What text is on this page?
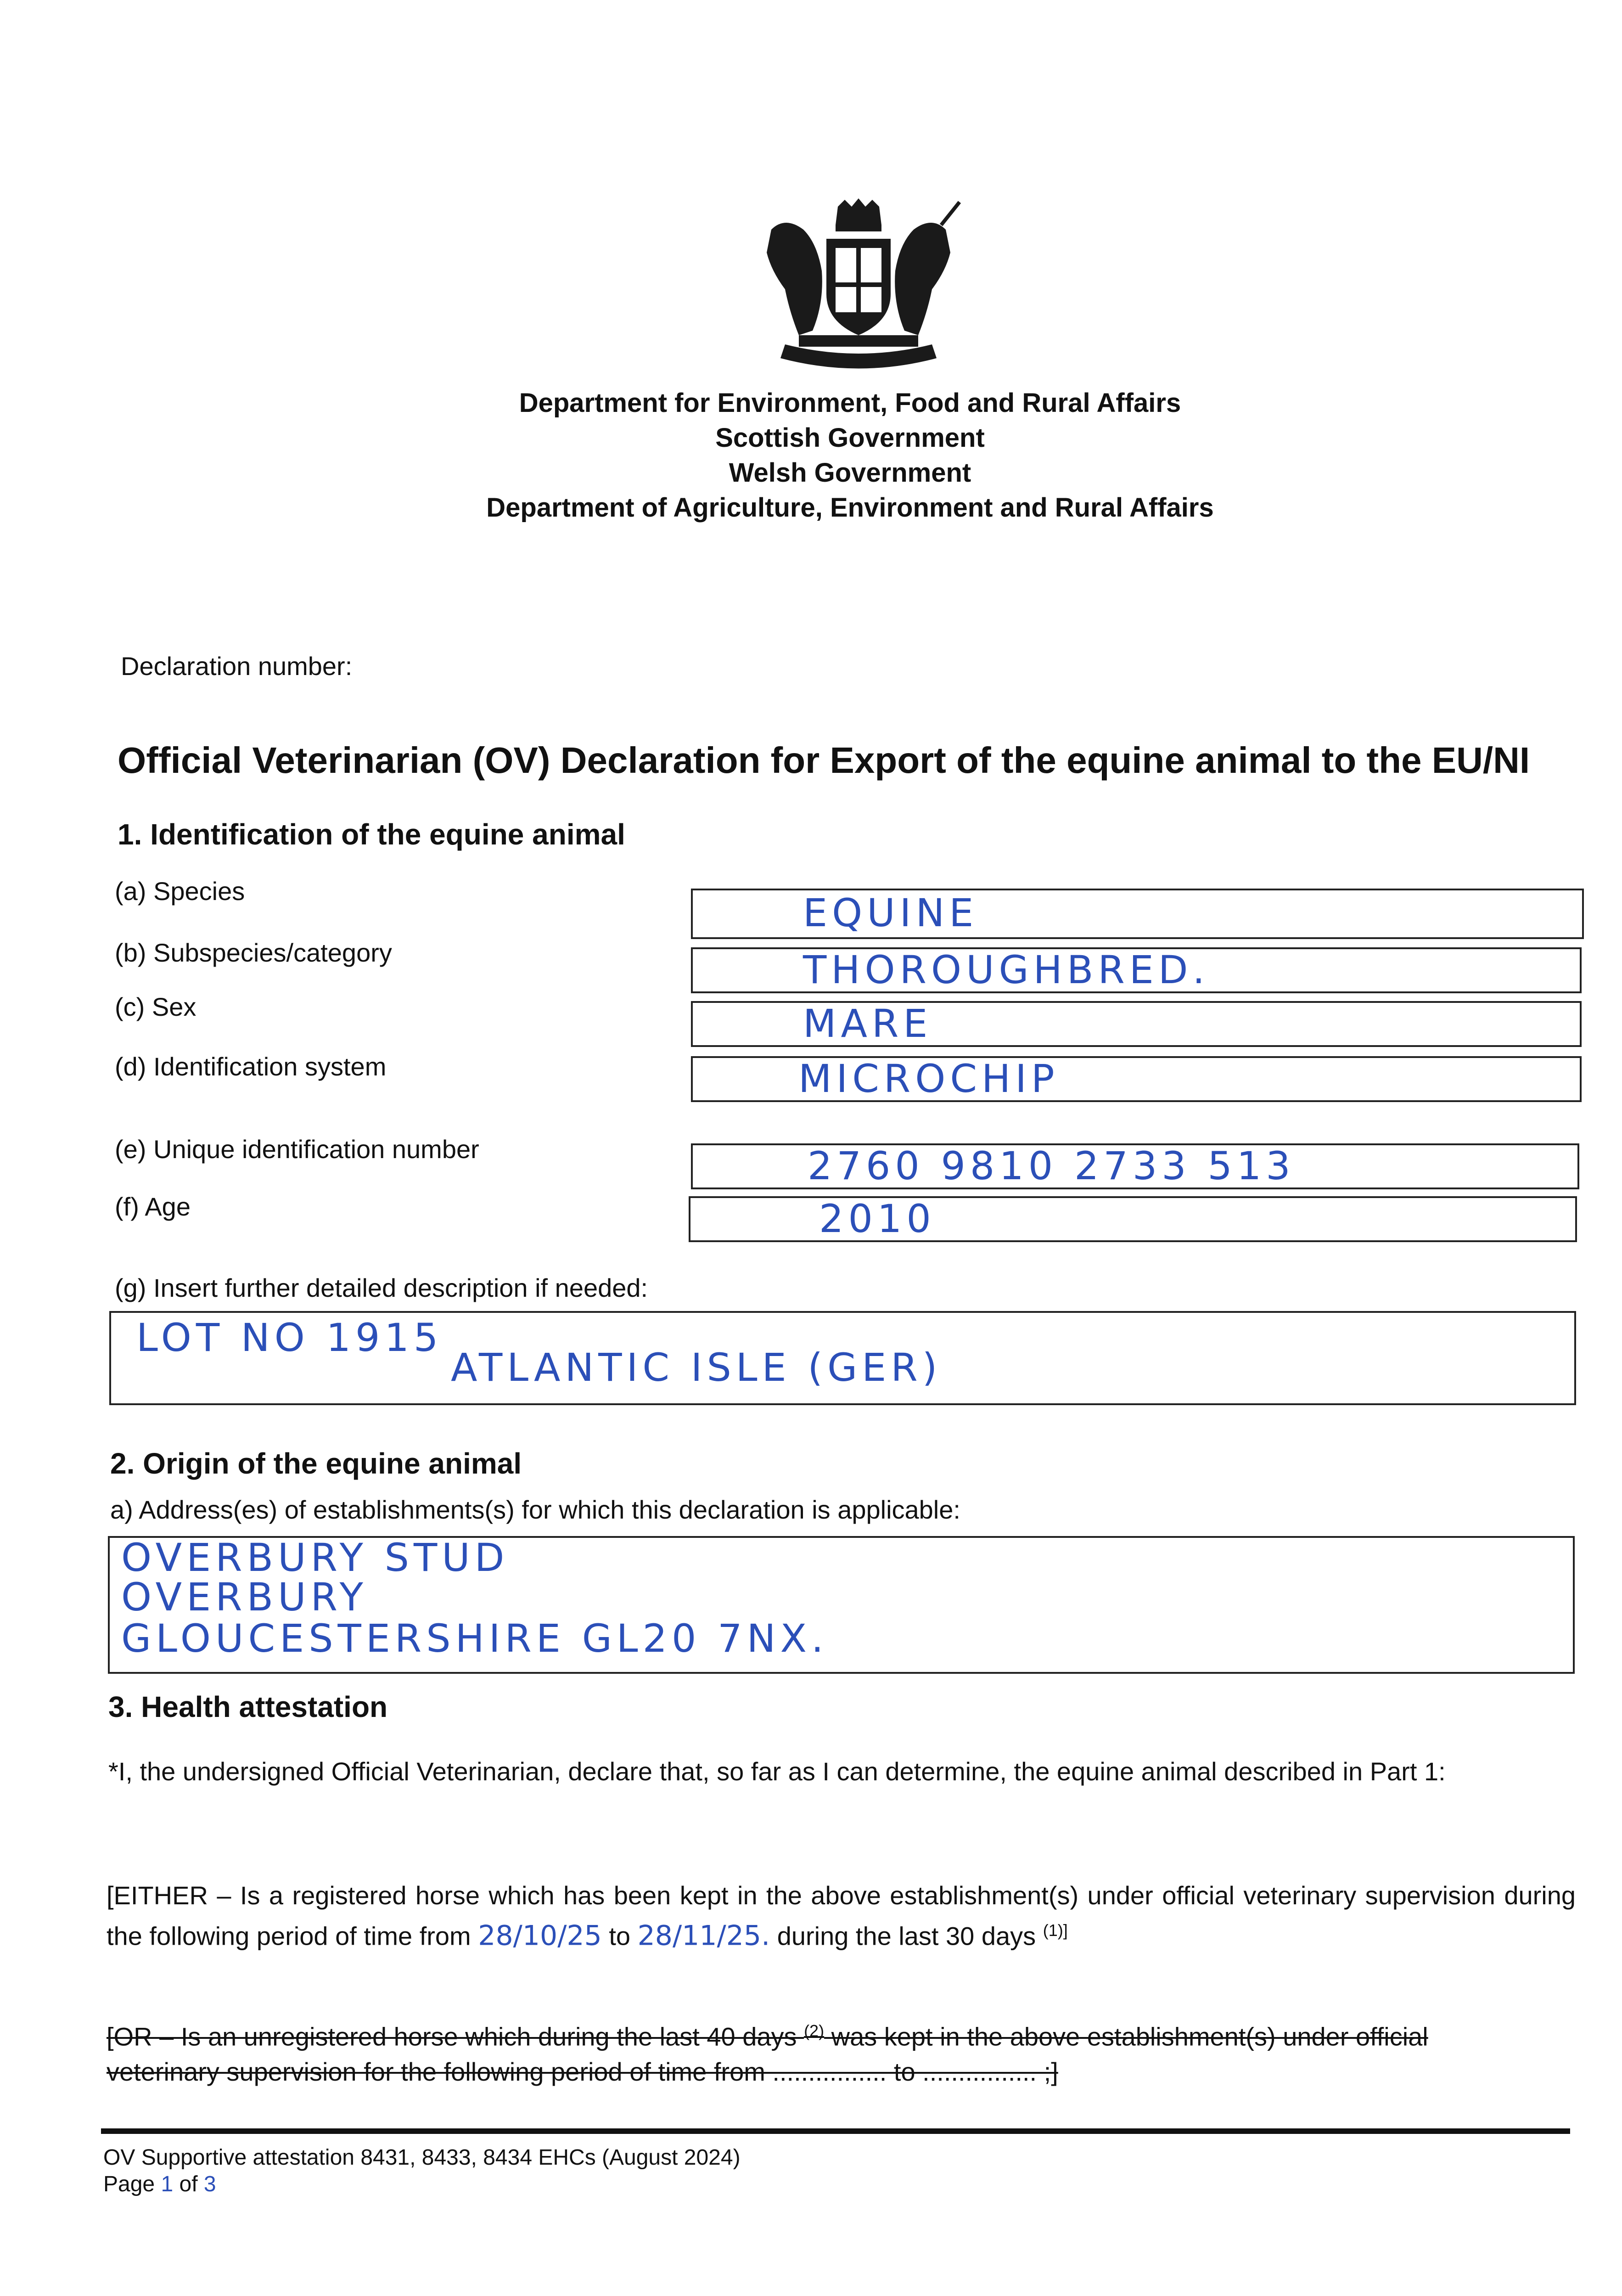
Department for Environment, Food and Rural Affairs
Scottish Government
Welsh Government
Department of Agriculture, Environment and Rural Affairs
Declaration number:
Official Veterinarian (OV) Declaration for Export of the equine animal to the EU/NI
1. Identification of the equine animal
(a) Species	EQUINE
(b) Subspecies/category	THOROUGHBRED.
(c) Sex	MARE
(d) Identification system	MICROCHIP
(e) Unique identification number	2760 9810 2733 513
(f) Age	2010
(g) Insert further detailed description if needed:
LOT NO 1915
ATLANTIC ISLE (GER)
2. Origin of the equine animal
a) Address(es) of establishments(s) for which this declaration is applicable:
OVERBURY STUD
OVERBURY
GLOUCESTERSHIRE GL20 7NX.
3. Health attestation
*I, the undersigned Official Veterinarian, declare that, so far as I can determine, the equine animal described in Part 1:
[EITHER – Is a registered horse which has been kept in the above establishment(s) under official veterinary supervision during the following period of time from 28/10/25 to 28/11/25. during the last 30 days $^{(1)]}$
[OR – Is an unregistered horse which during the last 40 days $^{(2)}$ was kept in the above establishment(s) under official
veterinary supervision for the following period of time from ................ to ................ ;]
OV Supportive attestation 8431, 8433, 8434 EHCs (August 2024)
Page 1 of 3
